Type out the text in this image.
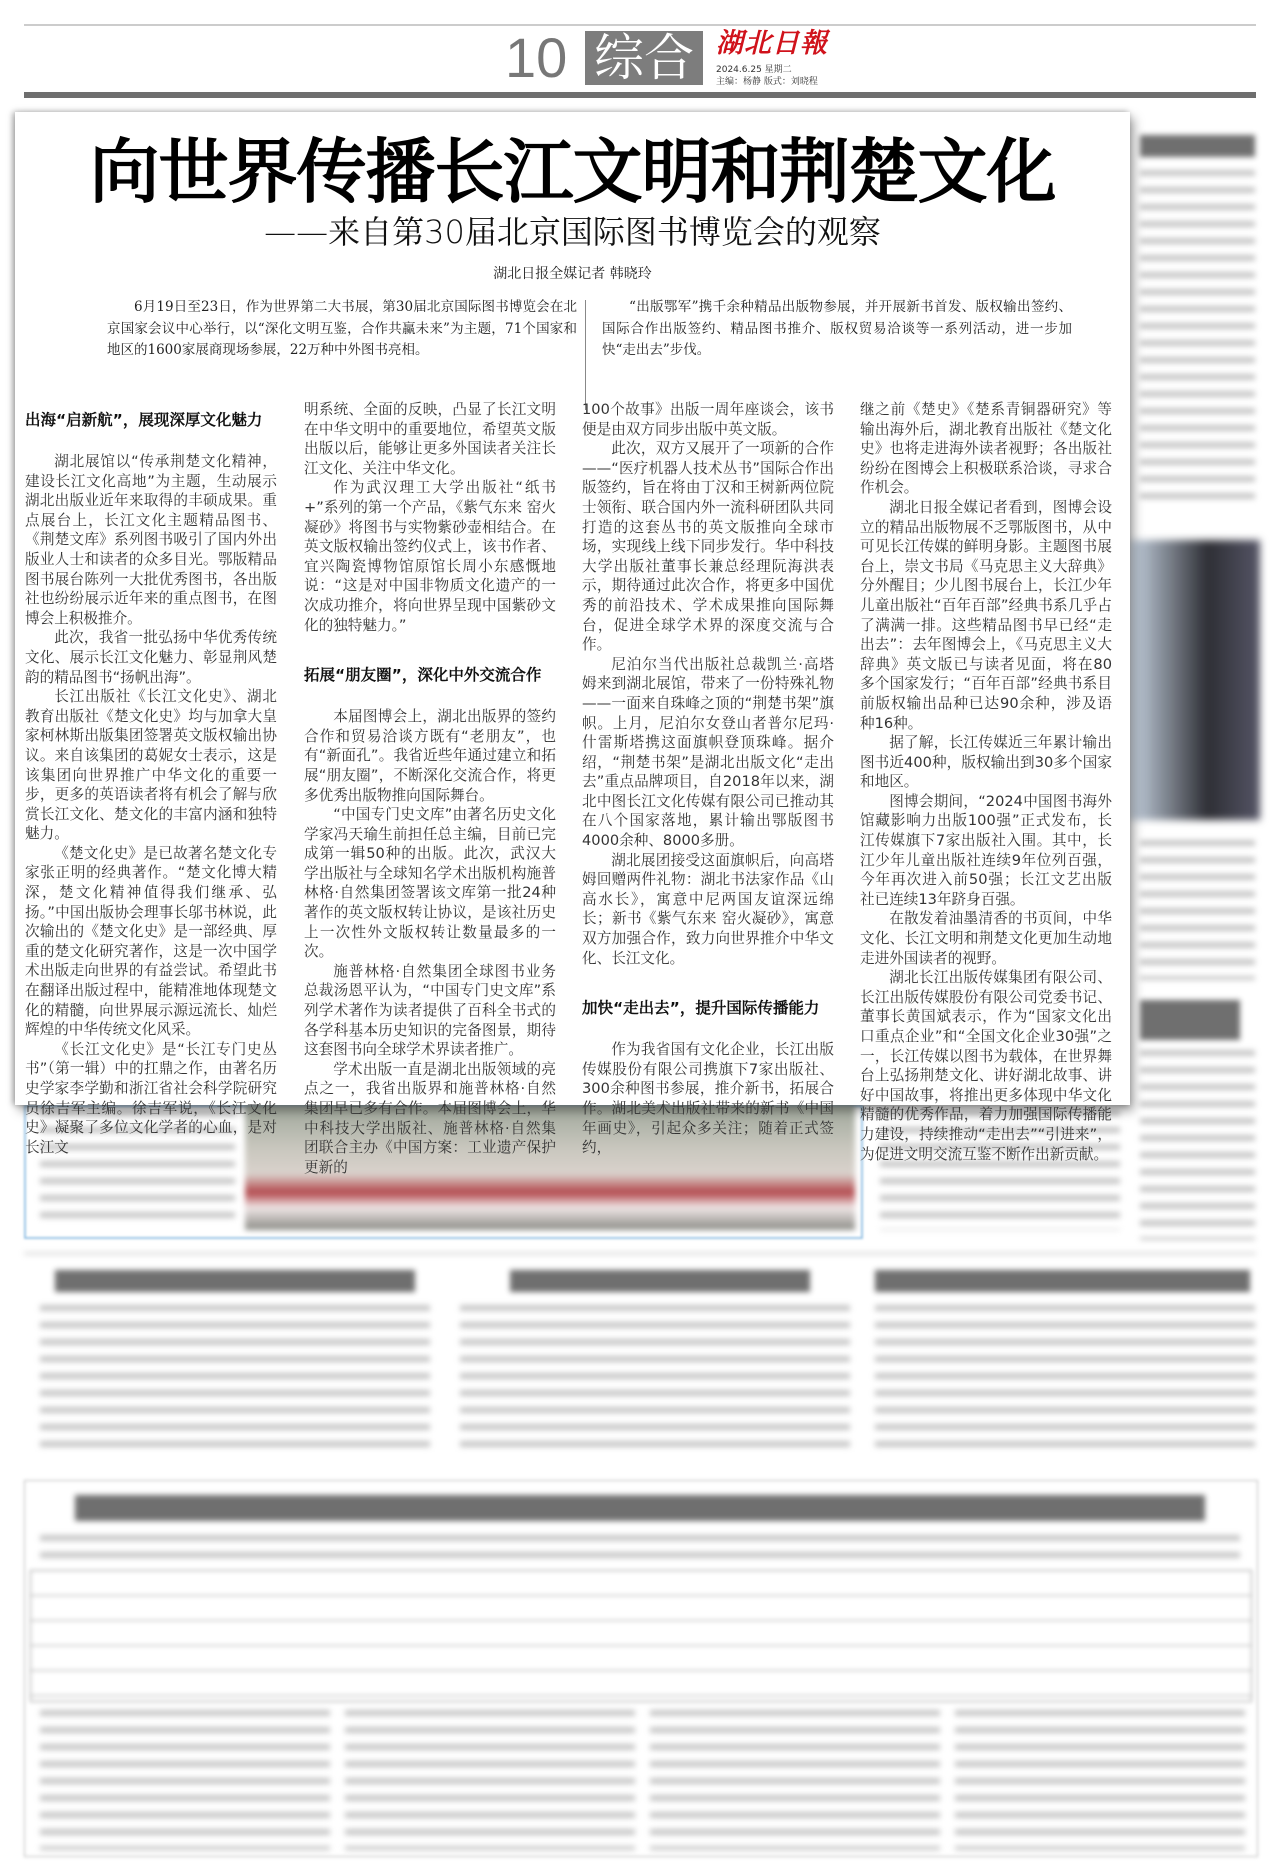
10 综合 湖北日報
2024.6.25 星期二
主编：杨静 版式：刘晓程
向世界传播长江文明和荆楚文化
——来自第30届北京国际图书博览会的观察
湖北日报全媒记者 韩晓玲
6月19日至23日，作为世界第二大书展，第30届北京国际图书博览会在北京国家会议中心举行，以“深化文明互鉴，合作共赢未来”为主题，71个国家和地区的1600家展商现场参展，22万种中外图书亮相。
“出版鄂军”携千余种精品出版物参展，并开展新书首发、版权输出签约、国际合作出版签约、精品图书推介、版权贸易洽谈等一系列活动，进一步加快“走出去”步伐。
出海“启新航”，展现深厚文化魅力

湖北展馆以“传承荆楚文化精神，建设长江文化高地”为主题，生动展示湖北出版业近年来取得的丰硕成果。重点展台上，长江文化主题精品图书、《荆楚文库》系列图书吸引了国内外出版业人士和读者的众多目光。鄂版精品图书展台陈列一大批优秀图书，各出版社也纷纷展示近年来的重点图书，在图博会上积极推介。

此次，我省一批弘扬中华优秀传统文化、展示长江文化魅力、彰显荆风楚韵的精品图书“扬帆出海”。

长江出版社《长江文化史》、湖北教育出版社《楚文化史》均与加拿大皇家柯林斯出版集团签署英文版权输出协议。来自该集团的葛妮女士表示，这是该集团向世界推广中华文化的重要一步，更多的英语读者将有机会了解与欣赏长江文化、楚文化的丰富内涵和独特魅力。

《楚文化史》是已故著名楚文化专家张正明的经典著作。“楚文化博大精深，楚文化精神值得我们继承、弘扬。”中国出版协会理事长邬书林说，此次输出的《楚文化史》是一部经典、厚重的楚文化研究著作，这是一次中国学术出版走向世界的有益尝试。希望此书在翻译出版过程中，能精准地体现楚文化的精髓，向世界展示源远流长、灿烂辉煌的中华传统文化风采。

《长江文化史》是“长江专门史丛书”（第一辑）中的扛鼎之作，由著名历史学家李学勤和浙江省社会科学院研究员徐吉军主编。徐吉军说，《长江文化史》凝聚了多位文化学者的心血，是对长江文

明系统、全面的反映，凸显了长江文明在中华文明中的重要地位，希望英文版出版以后，能够让更多外国读者关注长江文化、关注中华文化。

作为武汉理工大学出版社“纸书+”系列的第一个产品，《紫气东来 窑火凝砂》将图书与实物紫砂壶相结合。在英文版权输出签约仪式上，该书作者、宜兴陶瓷博物馆原馆长周小东感慨地说：“这是对中国非物质文化遗产的一次成功推介，将向世界呈现中国紫砂文化的独特魅力。”

拓展“朋友圈”，深化中外交流合作

本届图博会上，湖北出版界的签约合作和贸易洽谈方既有“老朋友”，也有“新面孔”。我省近些年通过建立和拓展“朋友圈”，不断深化交流合作，将更多优秀出版物推向国际舞台。

“中国专门史文库”由著名历史文化学家冯天瑜生前担任总主编，目前已完成第一辑50种的出版。此次，武汉大学出版社与全球知名学术出版机构施普林格·自然集团签署该文库第一批24种著作的英文版权转让协议，是该社历史上一次性外文版权转让数量最多的一次。

施普林格·自然集团全球图书业务总裁汤恩平认为，“中国专门史文库”系列学术著作为读者提供了百科全书式的各学科基本历史知识的完备图景，期待这套图书向全球学术界读者推广。

学术出版一直是湖北出版领域的亮点之一，我省出版界和施普林格·自然集团早已多有合作。本届图博会上，华中科技大学出版社、施普林格·自然集团联合主办《中国方案：工业遗产保护更新的

100个故事》出版一周年座谈会，该书便是由双方同步出版中英文版。

此次，双方又展开了一项新的合作——“医疗机器人技术丛书”国际合作出版签约，旨在将由丁汉和王树新两位院士领衔、联合国内外一流科研团队共同打造的这套丛书的英文版推向全球市场，实现线上线下同步发行。华中科技大学出版社董事长兼总经理阮海洪表示，期待通过此次合作，将更多中国优秀的前沿技术、学术成果推向国际舞台，促进全球学术界的深度交流与合作。

尼泊尔当代出版社总裁凯兰·高塔姆来到湖北展馆，带来了一份特殊礼物——一面来自珠峰之顶的“荆楚书架”旗帜。上月，尼泊尔女登山者普尔尼玛·什雷斯塔携这面旗帜登顶珠峰。据介绍，“荆楚书架”是湖北出版文化“走出去”重点品牌项目，自2018年以来，湖北中图长江文化传媒有限公司已推动其在八个国家落地，累计输出鄂版图书4000余种、8000多册。

湖北展团接受这面旗帜后，向高塔姆回赠两件礼物：湖北书法家作品《山高水长》，寓意中尼两国友谊深远绵长；新书《紫气东来 窑火凝砂》，寓意双方加强合作，致力向世界推介中华文化、长江文化。

加快“走出去”，提升国际传播能力

作为我省国有文化企业，长江出版传媒股份有限公司携旗下7家出版社、300余种图书参展，推介新书，拓展合作。湖北美术出版社带来的新书《中国年画史》，引起众多关注；随着正式签约，

继之前《楚史》《楚系青铜器研究》等输出海外后，湖北教育出版社《楚文化史》也将走进海外读者视野；各出版社纷纷在图博会上积极联系洽谈，寻求合作机会。

湖北日报全媒记者看到，图博会设立的精品出版物展不乏鄂版图书，从中可见长江传媒的鲜明身影。主题图书展台上，崇文书局《马克思主义大辞典》分外醒目；少儿图书展台上，长江少年儿童出版社“百年百部”经典书系几乎占了满满一排。这些精品图书早已经“走出去”：去年图博会上，《马克思主义大辞典》英文版已与读者见面，将在80多个国家发行；“百年百部”经典书系目前版权输出品种已达90余种，涉及语种16种。

据了解，长江传媒近三年累计输出图书近400种，版权输出到30多个国家和地区。

图博会期间，“2024中国图书海外馆藏影响力出版100强”正式发布，长江传媒旗下7家出版社入围。其中，长江少年儿童出版社连续9年位列百强，今年再次进入前50强；长江文艺出版社已连续13年跻身百强。

在散发着油墨清香的书页间，中华文化、长江文明和荆楚文化更加生动地走进外国读者的视野。

湖北长江出版传媒集团有限公司、长江出版传媒股份有限公司党委书记、董事长黄国斌表示，作为“国家文化出口重点企业”和“全国文化企业30强”之一，长江传媒以图书为载体，在世界舞台上弘扬荆楚文化、讲好湖北故事、讲好中国故事，将推出更多体现中华文化精髓的优秀作品，着力加强国际传播能力建设，持续推动“走出去”“引进来”，为促进文明交流互鉴不断作出新贡献。
